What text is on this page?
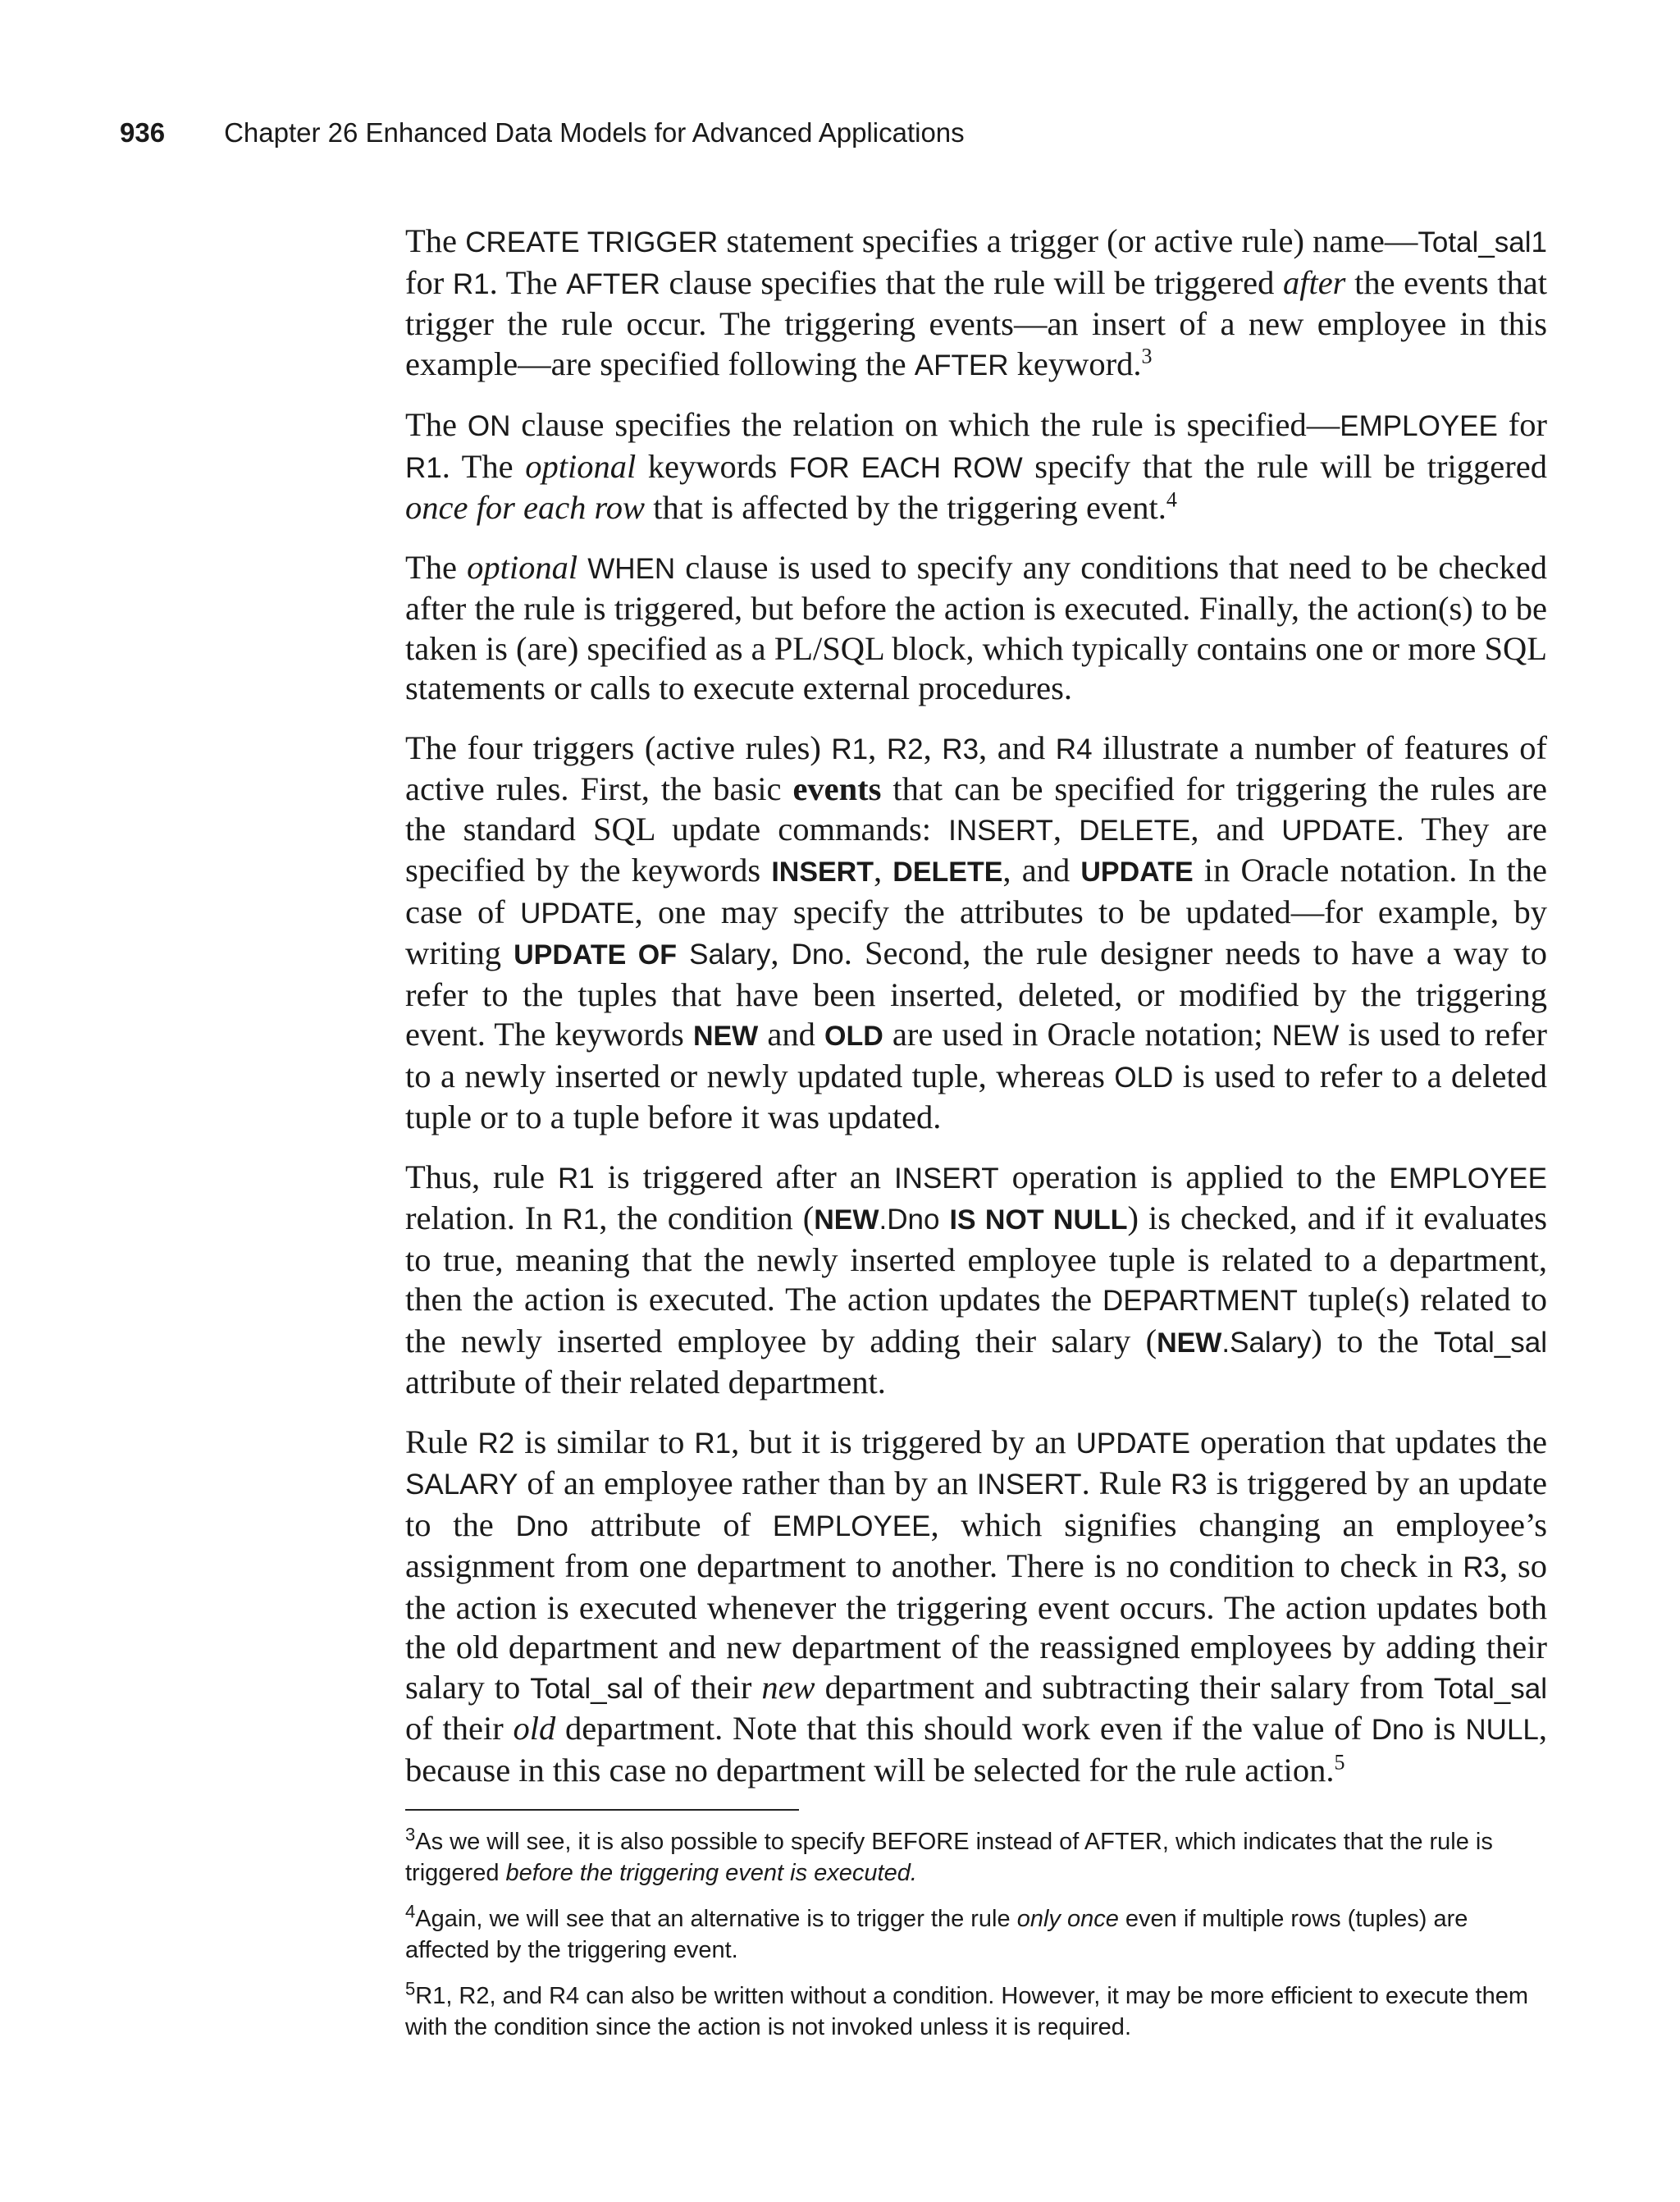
936 Chapter 26 Enhanced Data Models for Advanced Applications

The CREATE TRIGGER statement specifies a trigger (or active rule) name—Total_sal1 for R1. The AFTER clause specifies that the rule will be triggered after the events that trigger the rule occur. The triggering events—an insert of a new employee in this example—are specified following the AFTER keyword.$^3$

The ON clause specifies the relation on which the rule is specified—EMPLOYEE for R1. The optional keywords FOR EACH ROW specify that the rule will be triggered once for each row that is affected by the triggering event.$^4$

The optional WHEN clause is used to specify any conditions that need to be checked after the rule is triggered, but before the action is executed. Finally, the action(s) to be taken is (are) specified as a PL/SQL block, which typically contains one or more SQL statements or calls to execute external procedures.

The four triggers (active rules) R1, R2, R3, and R4 illustrate a number of features of active rules. First, the basic events that can be specified for triggering the rules are the standard SQL update commands: INSERT, DELETE, and UPDATE. They are specified by the keywords INSERT, DELETE, and UPDATE in Oracle notation. In the case of UPDATE, one may specify the attributes to be updated—for example, by writing UPDATE OF Salary, Dno. Second, the rule designer needs to have a way to refer to the tuples that have been inserted, deleted, or modified by the triggering event. The keywords NEW and OLD are used in Oracle notation; NEW is used to refer to a newly inserted or newly updated tuple, whereas OLD is used to refer to a deleted tuple or to a tuple before it was updated.

Thus, rule R1 is triggered after an INSERT operation is applied to the EMPLOYEE relation. In R1, the condition (NEW.Dno IS NOT NULL) is checked, and if it evaluates to true, meaning that the newly inserted employee tuple is related to a department, then the action is executed. The action updates the DEPARTMENT tuple(s) related to the newly inserted employee by adding their salary (NEW.Salary) to the Total_sal attribute of their related department.

Rule R2 is similar to R1, but it is triggered by an UPDATE operation that updates the SALARY of an employee rather than by an INSERT. Rule R3 is triggered by an update to the Dno attribute of EMPLOYEE, which signifies changing an employee’s assignment from one department to another. There is no condition to check in R3, so the action is executed whenever the triggering event occurs. The action updates both the old department and new department of the reassigned employees by adding their salary to Total_sal of their new department and subtracting their salary from Total_sal of their old department. Note that this should work even if the value of Dno is NULL, because in this case no department will be selected for the rule action.$^5$

$^3$As we will see, it is also possible to specify BEFORE instead of AFTER, which indicates that the rule is triggered before the triggering event is executed.

$^4$Again, we will see that an alternative is to trigger the rule only once even if multiple rows (tuples) are affected by the triggering event.

$^5$R1, R2, and R4 can also be written without a condition. However, it may be more efficient to execute them with the condition since the action is not invoked unless it is required.
